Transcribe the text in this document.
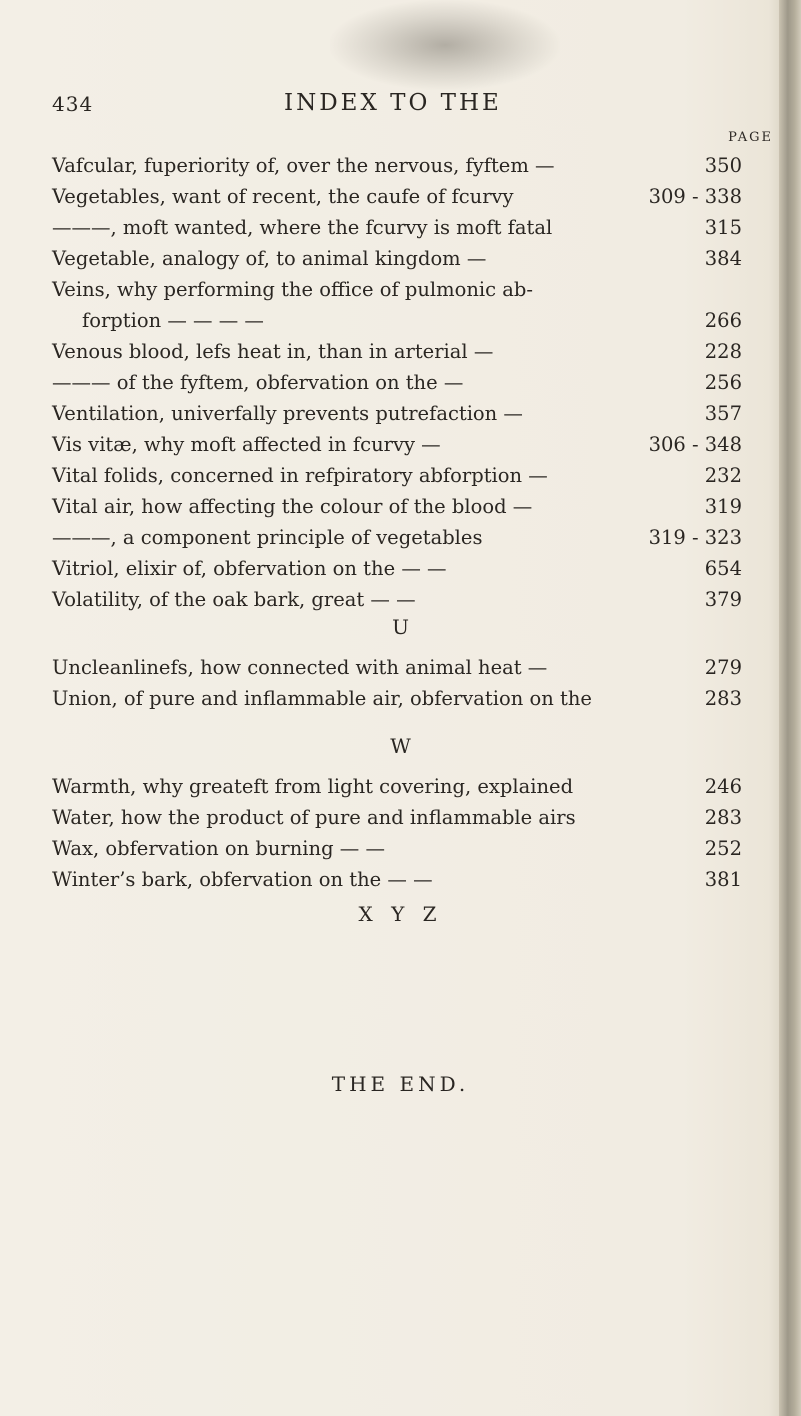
434	INDEX TO THE
PAGE
Vafcular, fuperiority of, over the nervous, fyftem —	350
Vegetables, want of recent, the caufe of fcurvy	309 - 338
———, moft wanted, where the fcurvy is moft fatal	315
Vegetable, analogy of, to animal kingdom —	384
Veins, why performing the office of pulmonic ab-
forption — — — —	266
Venous blood, lefs heat in, than in arterial —	228
——— of the fyftem, obfervation on the —	256
Ventilation, univerfally prevents putrefaction —	357
Vis vitæ, why moft affected in fcurvy —	306 - 348
Vital folids, concerned in refpiratory abforption —	232
Vital air, how affecting the colour of the blood —	319
———, a component principle of vegetables	319 - 323
Vitriol, elixir of, obfervation on the — —	654
Volatility, of the oak bark, great — —	379
U
Uncleanlinefs, how connected with animal heat —	279
Union, of pure and inflammable air, obfervation on the	283
W
Warmth, why greateft from light covering, explained	246
Water, how the product of pure and inflammable airs	283
Wax, obfervation on burning — —	252
Winter’s bark, obfervation on the — —	381
X Y Z
THE END.
